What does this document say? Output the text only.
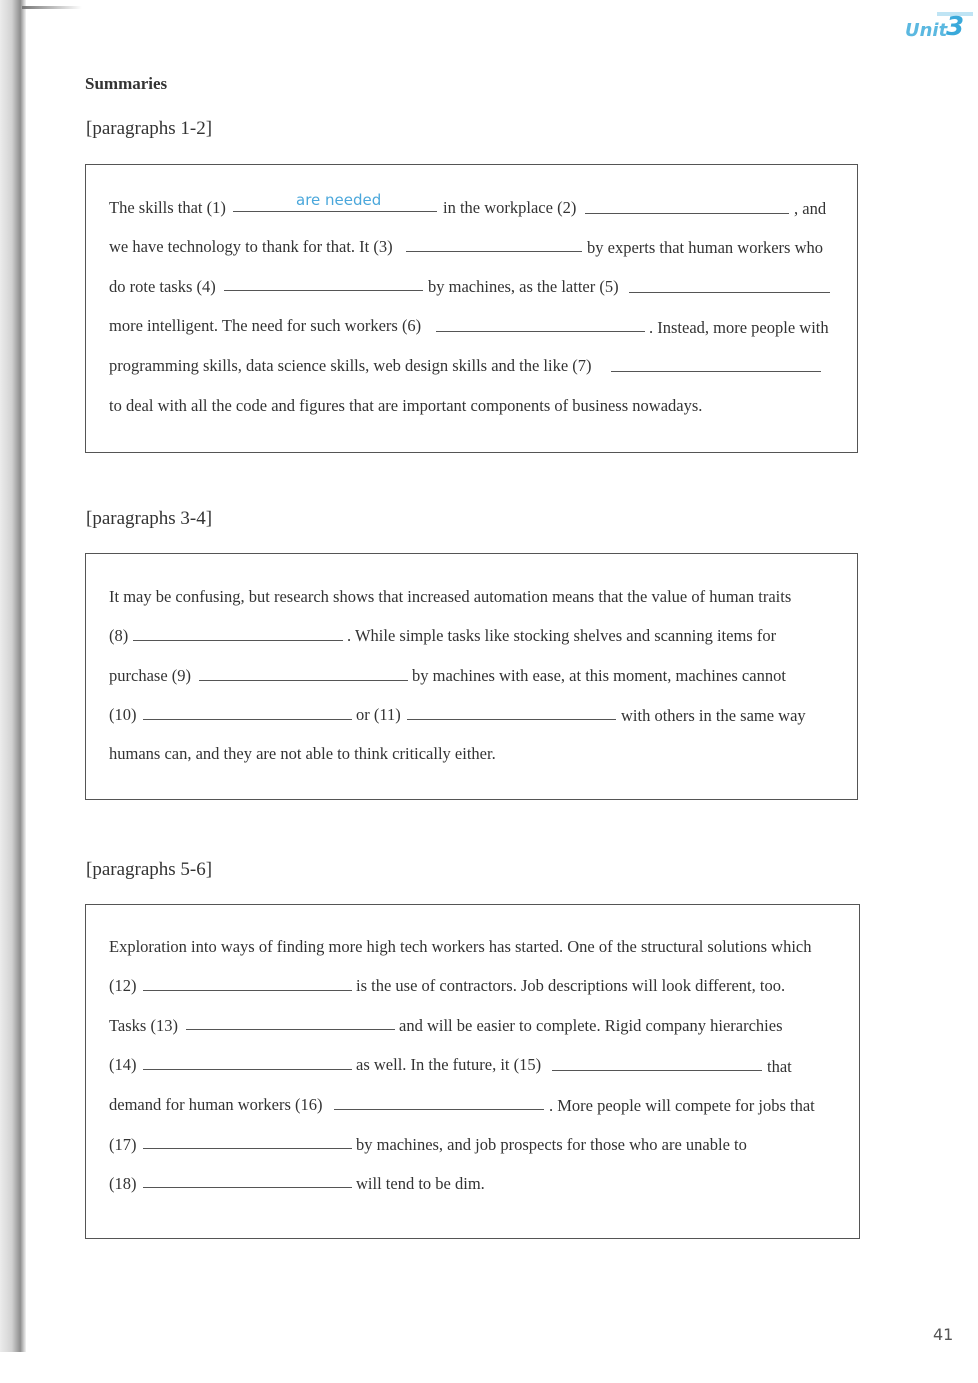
Unit
3
Summaries
[paragraphs 1-2]
The skills that (1)	are needed	in the workplace (2)	, and
we have technology to thank for that. It (3)	by experts that human workers who
do rote tasks (4)	by machines, as the latter (5)
more intelligent. The need for such workers (6)	. Instead, more people with
programming skills, data science skills, web design skills and the like (7)
to deal with all the code and figures that are important components of business nowadays.
[paragraphs 3-4]
It may be confusing, but research shows that increased automation means that the value of human traits
(8)	. While simple tasks like stocking shelves and scanning items for
purchase (9)	by machines with ease, at this moment, machines cannot
(10)	or (11)	with others in the same way
humans can, and they are not able to think critically either.
[paragraphs 5-6]
Exploration into ways of finding more high tech workers has started. One of the structural solutions which
(12)	is the use of contractors. Job descriptions will look different, too.
Tasks (13)	and will be easier to complete. Rigid company hierarchies
(14)	as well. In the future, it (15)	that
demand for human workers (16)	. More people will compete for jobs that
(17)	by machines, and job prospects for those who are unable to
(18)	will tend to be dim.
41
